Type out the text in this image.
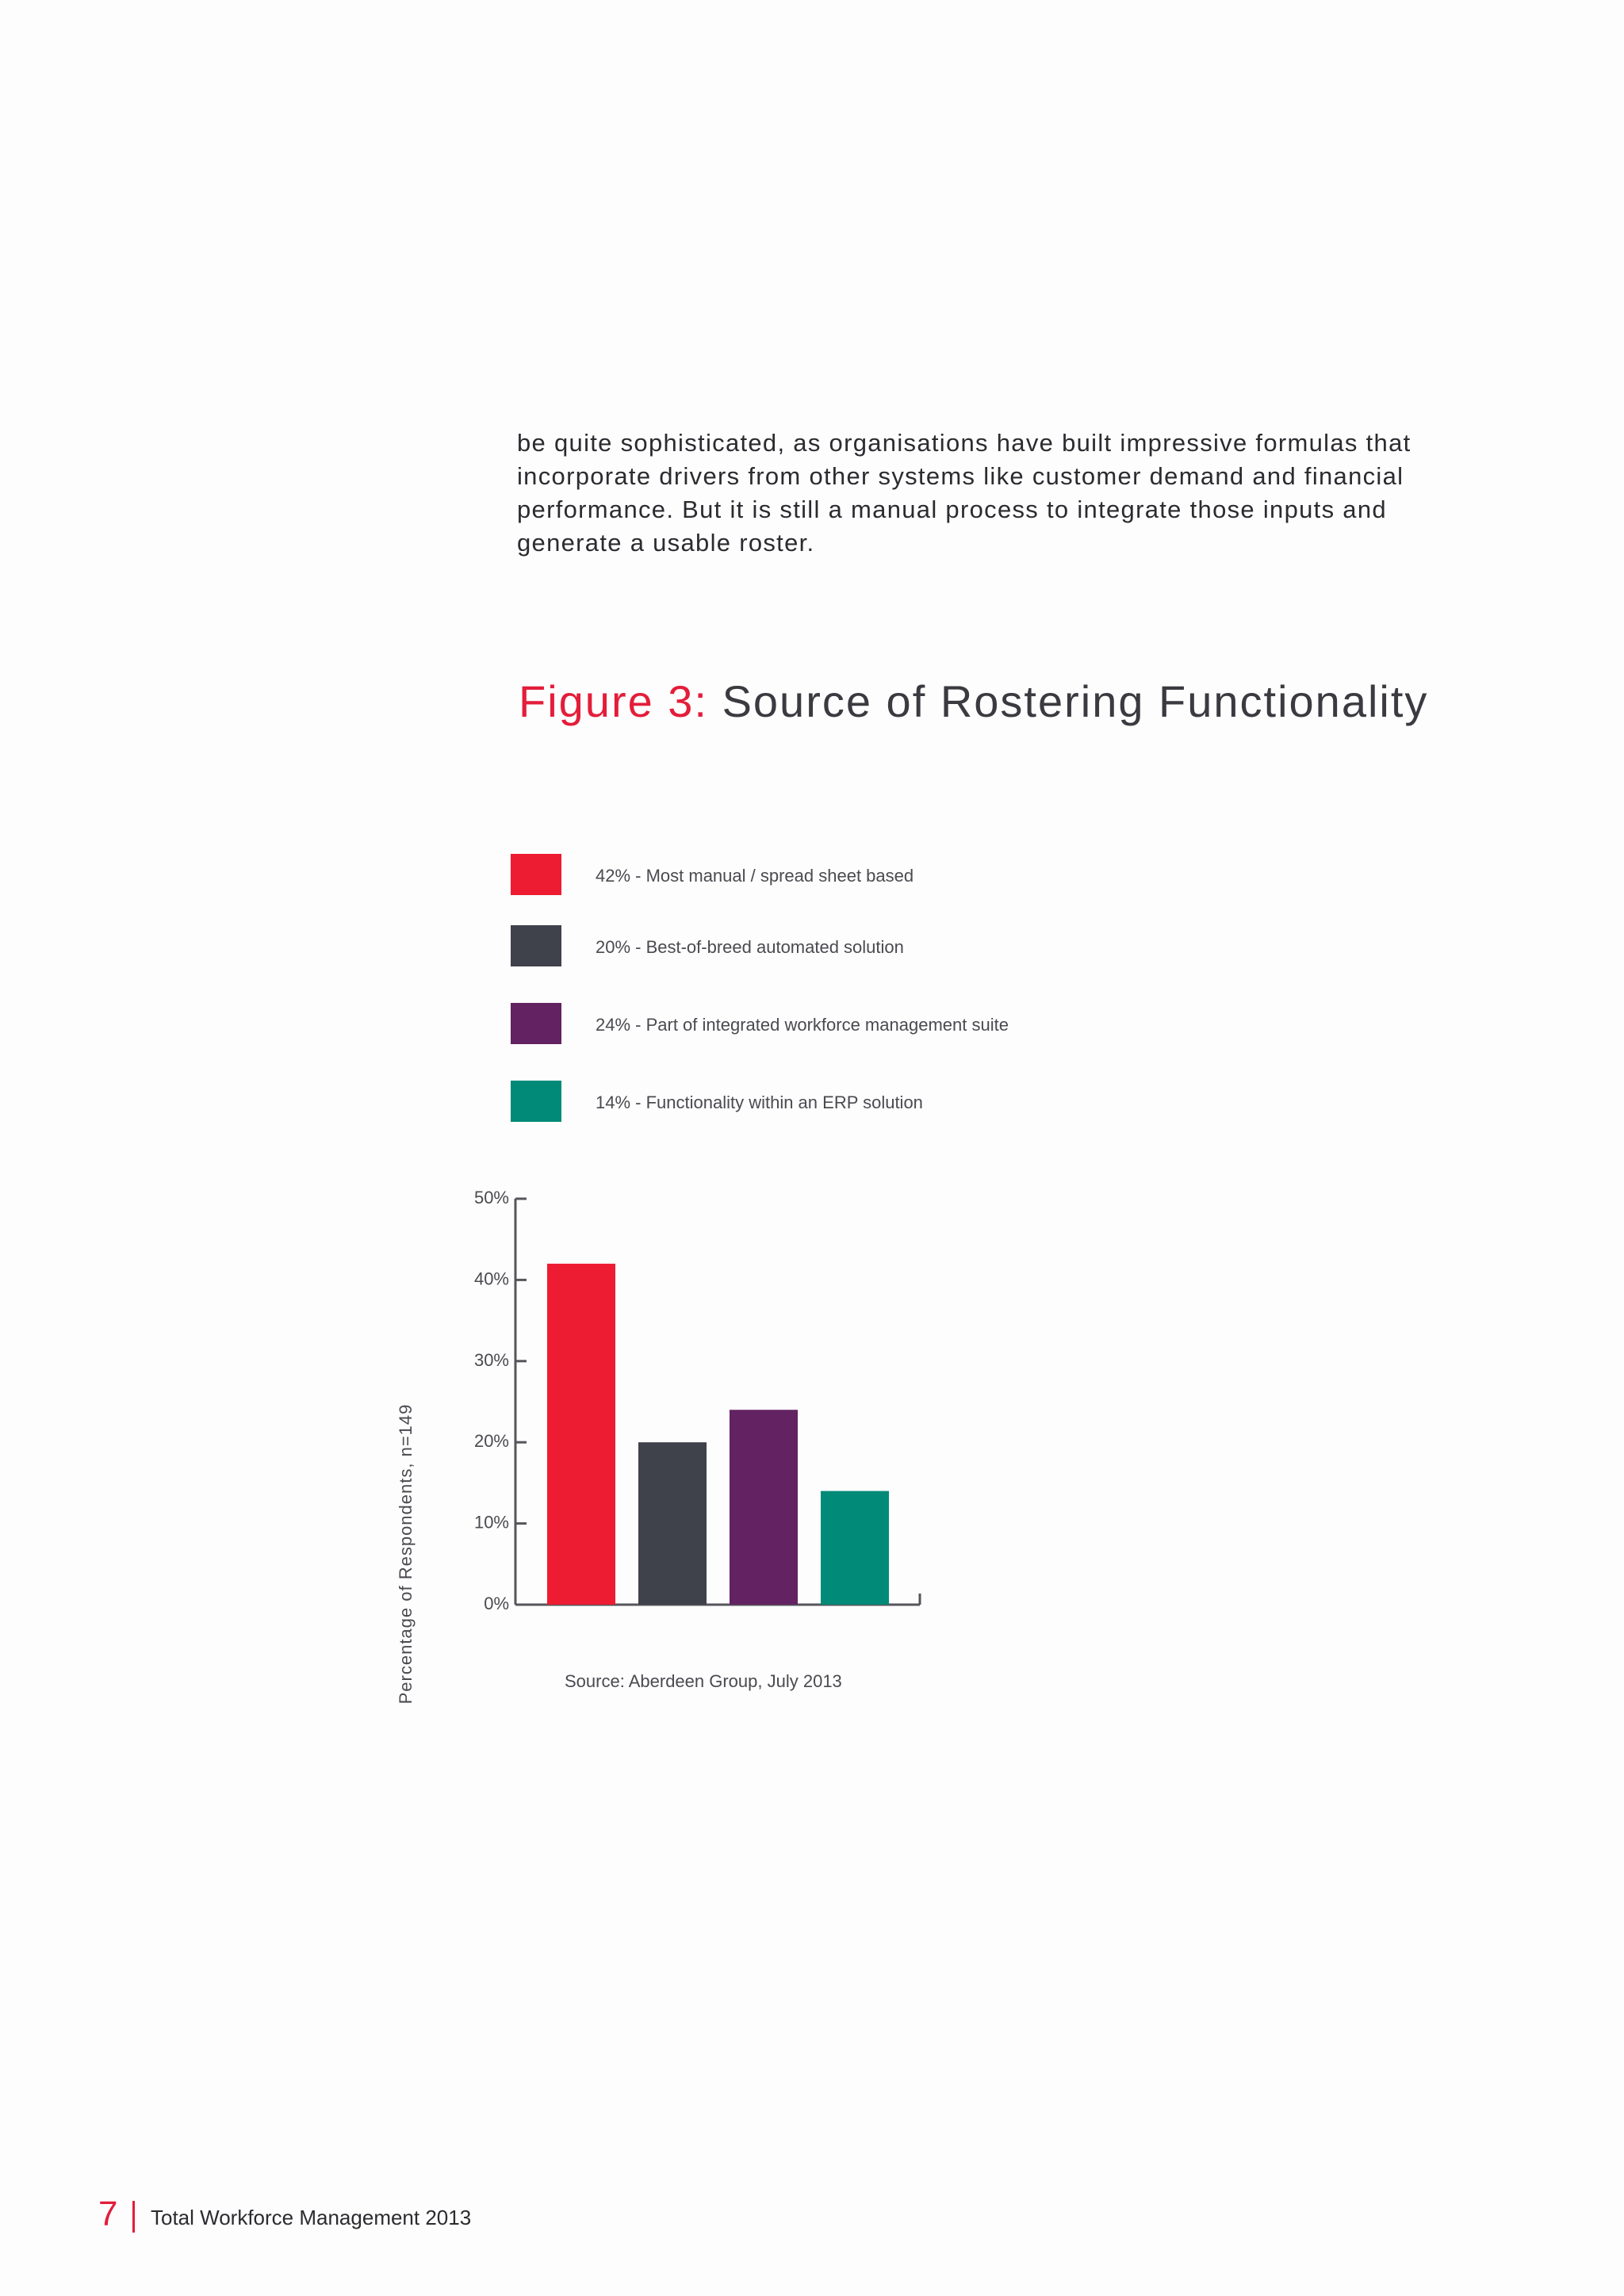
be quite sophisticated, as organisations have built impressive formulas that incorporate drivers from other systems like customer demand and financial performance. But it is still a manual process to integrate those inputs and generate a usable roster.

Figure 3: Source of Rostering Functionality
42% - Most manual / spread sheet based
20% - Best-of-breed automated solution
24% - Part of integrated workforce management suite
14% - Functionality within an ERP solution
Percentage of Respondents, n=149	0%
10%
20%
30%
40%
50%
Source: Aberdeen Group, July 2013
7 Total Workforce Management 2013
